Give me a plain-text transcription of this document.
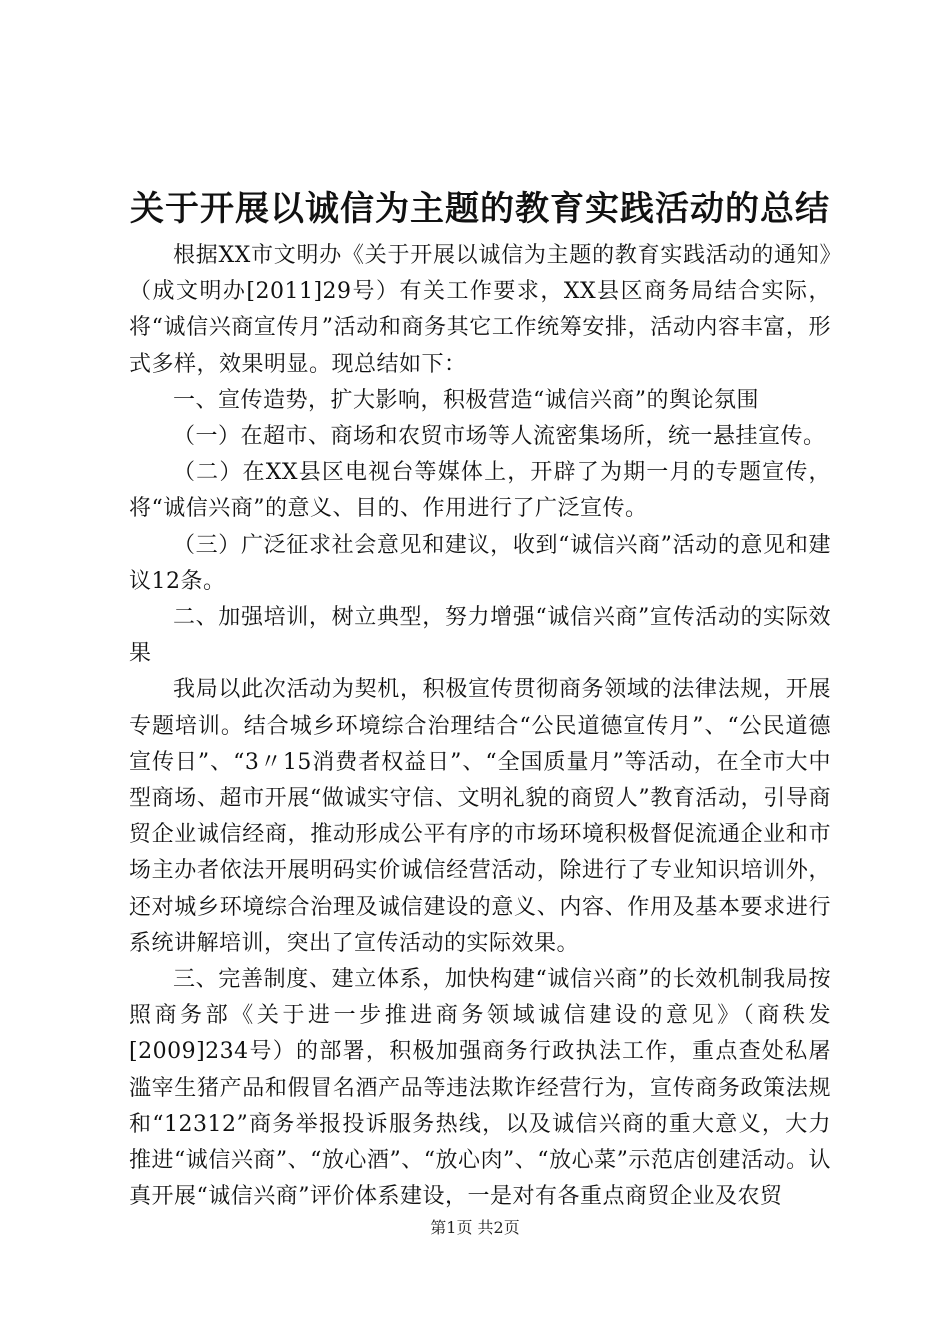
关于开展以诚信为主题的教育实践活动的总结

根据XX市文明办《关于开展以诚信为主题的教育实践活动的通知》（成文明办[2011]29号）有关工作要求，XX县区商务局结合实际，将“诚信兴商宣传月”活动和商务其它工作统筹安排，活动内容丰富，形式多样，效果明显。现总结如下：

一、宣传造势，扩大影响，积极营造“诚信兴商”的舆论氛围

（一）在超市、商场和农贸市场等人流密集场所，统一悬挂宣传。

（二）在XX县区电视台等媒体上，开辟了为期一月的专题宣传，将“诚信兴商”的意义、目的、作用进行了广泛宣传。

（三）广泛征求社会意见和建议，收到“诚信兴商”活动的意见和建议12条。

二、加强培训，树立典型，努力增强“诚信兴商”宣传活动的实际效果

我局以此次活动为契机，积极宣传贯彻商务领域的法律法规，开展专题培训。结合城乡环境综合治理结合“公民道德宣传月”、“公民道德宣传日”、“3〃15消费者权益日”、“全国质量月”等活动，在全市大中型商场、超市开展“做诚实守信、文明礼貌的商贸人”教育活动，引导商贸企业诚信经商，推动形成公平有序的市场环境积极督促流通企业和市场主办者依法开展明码实价诚信经营活动，除进行了专业知识培训外，还对城乡环境综合治理及诚信建设的意义、内容、作用及基本要求进行系统讲解培训，突出了宣传活动的实际效果。

三、完善制度、建立体系，加快构建“诚信兴商”的长效机制我局按照商务部《关于进一步推进商务领域诚信建设的意见》（商秩发[2009]234号）的部署，积极加强商务行政执法工作，重点查处私屠滥宰生猪产品和假冒名酒产品等违法欺诈经营行为，宣传商务政策法规和“12312”商务举报投诉服务热线，以及诚信兴商的重大意义，大力推进“诚信兴商”、“放心酒”、“放心肉”、“放心菜”示范店创建活动。认真开展“诚信兴商”评价体系建设，一是对有各重点商贸企业及农贸

第1页 共2页
